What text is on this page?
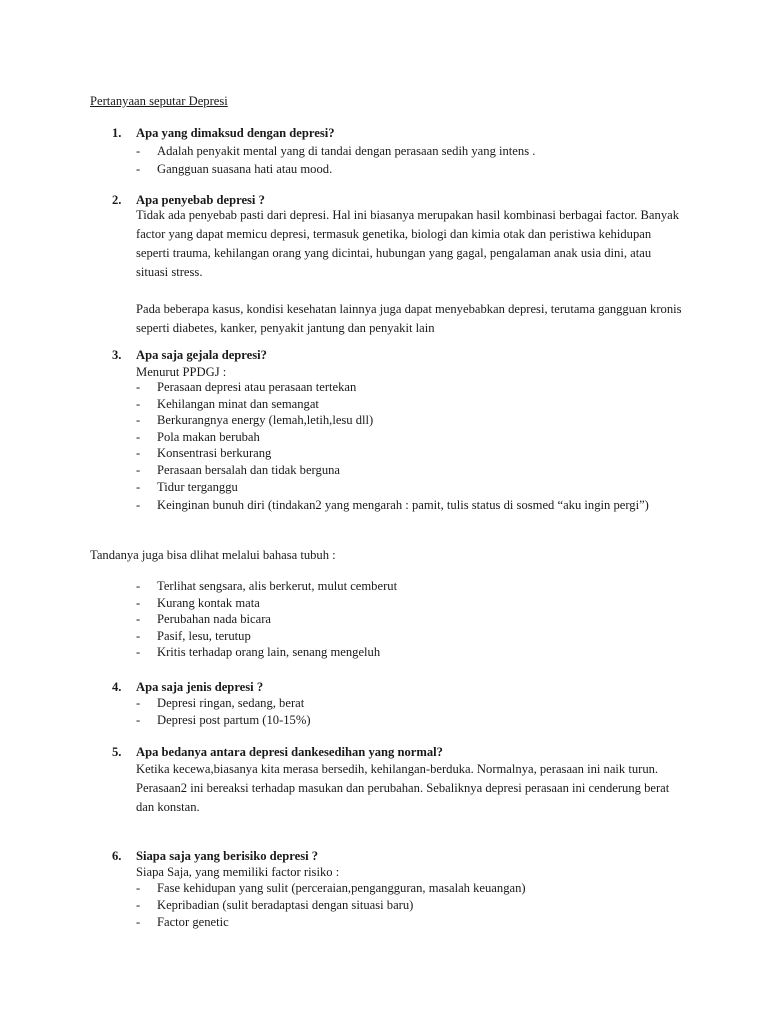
Pertanyaan seputar Depresi
1. Apa yang dimaksud dengan depresi?
- Adalah penyakit mental yang di tandai dengan perasaan sedih yang intens .
- Gangguan suasana hati atau mood.
2. Apa penyebab depresi ?

Tidak ada penyebab pasti dari depresi. Hal ini biasanya merupakan hasil kombinasi berbagai factor. Banyak factor yang dapat memicu depresi, termasuk genetika, biologi dan kimia otak dan peristiwa kehidupan seperti trauma, kehilangan orang yang dicintai, hubungan yang gagal, pengalaman anak usia dini, atau situasi stress.

Pada beberapa kasus, kondisi kesehatan lainnya juga dapat menyebabkan depresi, terutama gangguan kronis seperti diabetes, kanker, penyakit jantung dan penyakit lain

3. Apa saja gejala depresi?
Menurut PPDGJ :
- Perasaan depresi atau perasaan tertekan
- Kehilangan minat dan semangat
- Berkurangnya energy (lemah,letih,lesu dll)
- Pola makan berubah
- Konsentrasi berkurang
- Perasaan bersalah dan tidak berguna
- Tidur terganggu
- Keinginan bunuh diri (tindakan2 yang mengarah : pamit, tulis status di sosmed “aku ingin pergi”)
Tandanya juga bisa dlihat melalui bahasa tubuh :
- Terlihat sengsara, alis berkerut, mulut cemberut
- Kurang kontak mata
- Perubahan nada bicara
- Pasif, lesu, terutup
- Kritis terhadap orang lain, senang mengeluh
4. Apa saja jenis depresi ?
- Depresi ringan, sedang, berat
- Depresi post partum (10-15%)
5. Apa bedanya antara depresi dankesedihan yang normal?

Ketika kecewa,biasanya kita merasa bersedih, kehilangan-berduka. Normalnya, perasaan ini naik turun. Perasaan2 ini bereaksi terhadap masukan dan perubahan. Sebaliknya depresi perasaan ini cenderung berat dan konstan.

6. Siapa saja yang berisiko depresi ?
Siapa Saja, yang memiliki factor risiko :
- Fase kehidupan yang sulit (perceraian,pengangguran, masalah keuangan)
- Kepribadian (sulit beradaptasi dengan situasi baru)
- Factor genetic
